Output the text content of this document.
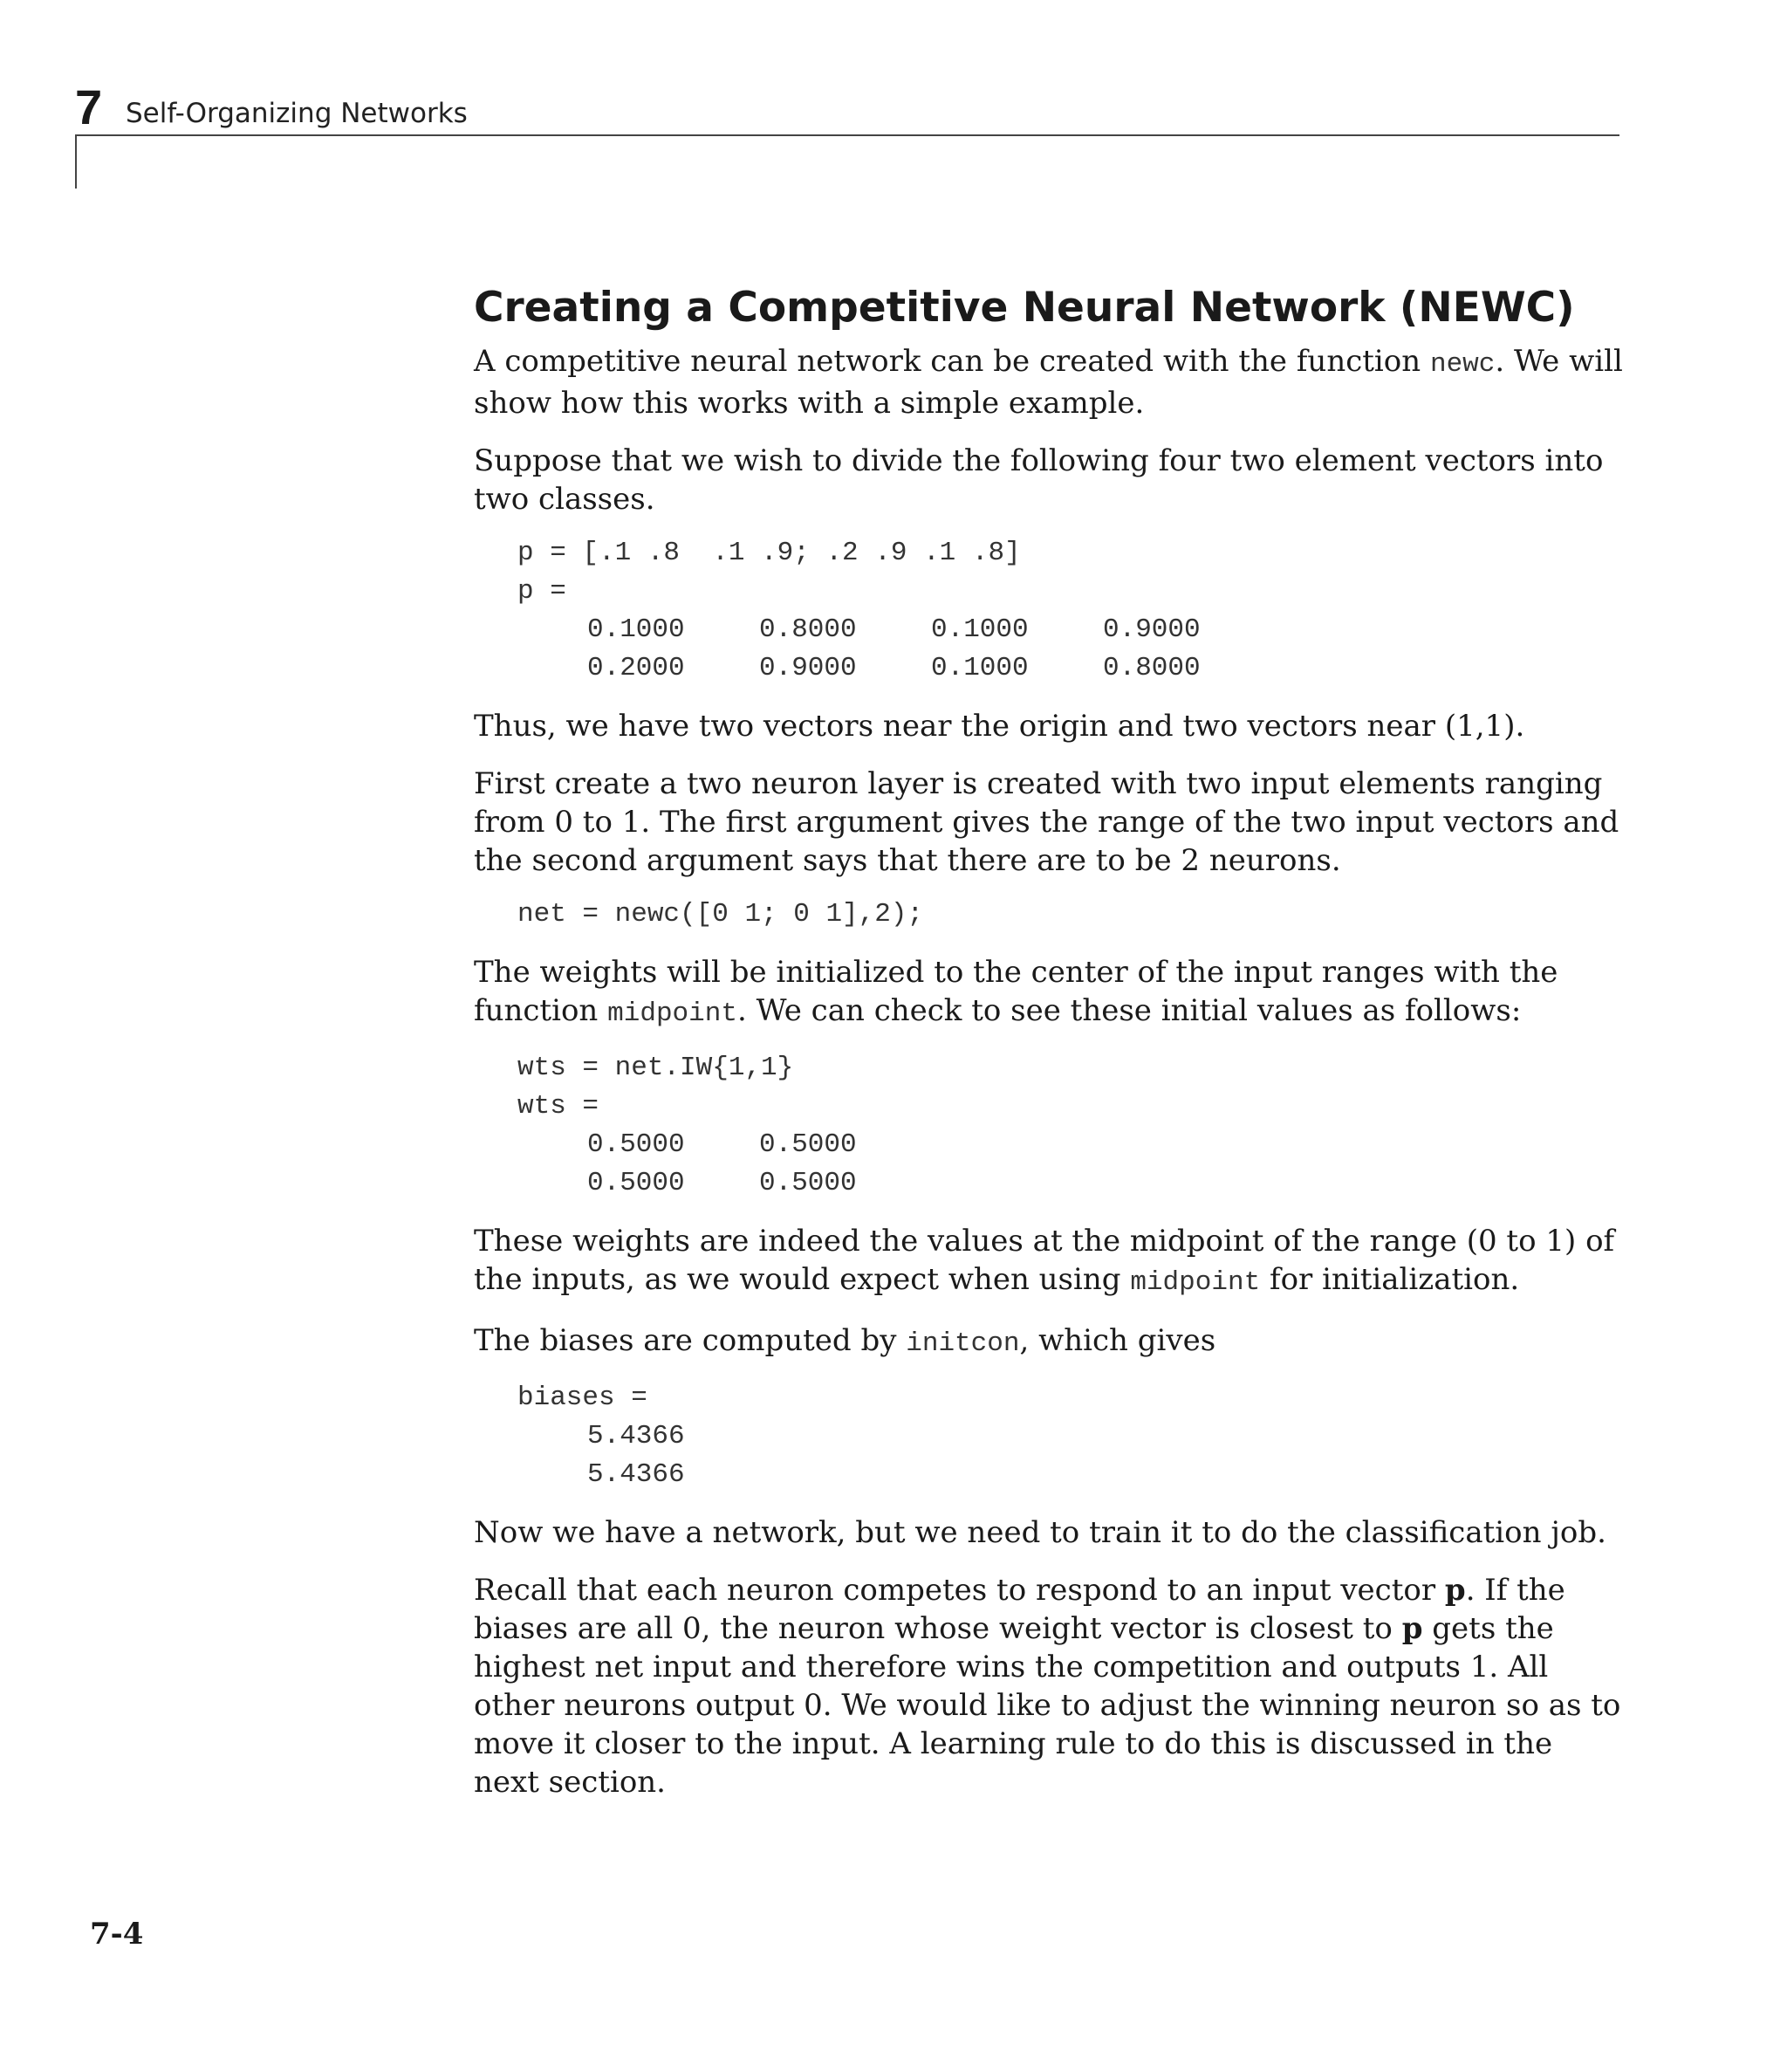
7 Self-Organizing Networks
Creating a Competitive Neural Network (NEWC)

A competitive neural network can be created with the function newc. We will show how this works with a simple example.

Suppose that we wish to divide the following four two element vectors into two classes.

p = [.1 .8  .1 .9; .2 .9 .1 .8]
p =
0.1000	0.8000	0.1000	0.9000
0.2000	0.9000	0.1000	0.8000

Thus, we have two vectors near the origin and two vectors near (1,1).

First create a two neuron layer is created with two input elements ranging from 0 to 1. The first argument gives the range of the two input vectors and the second argument says that there are to be 2 neurons.

net = newc([0 1; 0 1],2);

The weights will be initialized to the center of the input ranges with the function midpoint. We can check to see these initial values as follows:

wts = net.IW{1,1}
wts =
0.5000	0.5000
0.5000	0.5000

These weights are indeed the values at the midpoint of the range (0 to 1) of the inputs, as we would expect when using midpoint for initialization.

The biases are computed by initcon, which gives

biases =
5.4366
5.4366

Now we have a network, but we need to train it to do the classification job.

Recall that each neuron competes to respond to an input vector p. If the biases are all 0, the neuron whose weight vector is closest to p gets the highest net input and therefore wins the competition and outputs 1. All other neurons output 0. We would like to adjust the winning neuron so as to move it closer to the input. A learning rule to do this is discussed in the next section.

7-4
